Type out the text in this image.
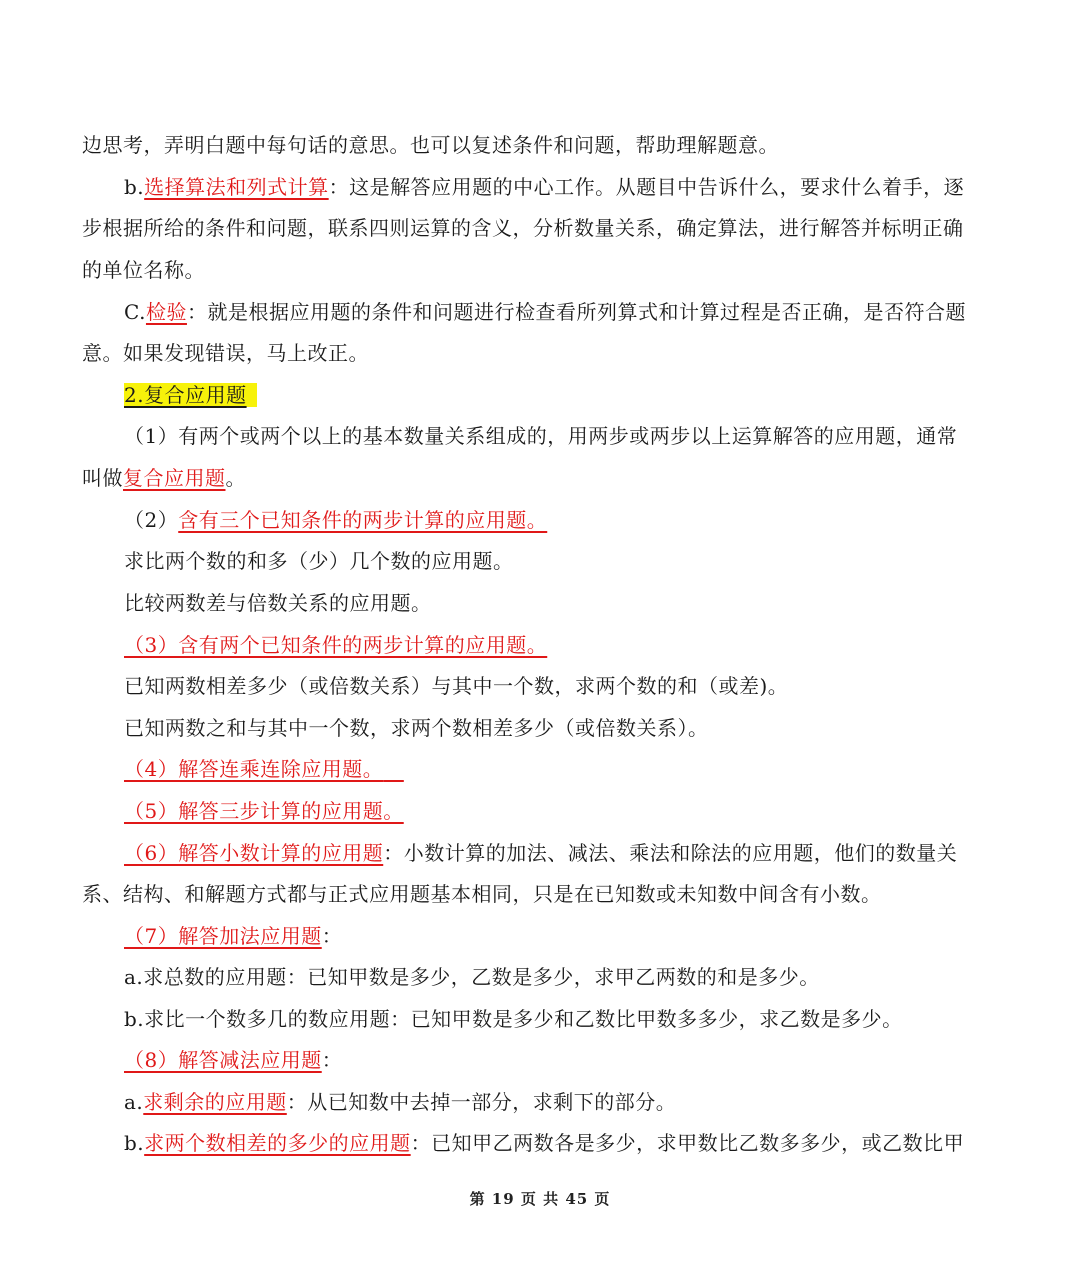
边思考，弄明白题中每句话的意思。也可以复述条件和问题，帮助理解题意。
b.选择算法和列式计算：这是解答应用题的中心工作。从题目中告诉什么，要求什么着手，逐
步根据所给的条件和问题，联系四则运算的含义，分析数量关系，确定算法，进行解答并标明正确
的单位名称。
C.检验：就是根据应用题的条件和问题进行检查看所列算式和计算过程是否正确，是否符合题
意。如果发现错误，马上改正。
2.复合应用题
（1）有两个或两个以上的基本数量关系组成的，用两步或两步以上运算解答的应用题，通常
叫做复合应用题。
（2）含有三个已知条件的两步计算的应用题。
求比两个数的和多（少）几个数的应用题。
比较两数差与倍数关系的应用题。
（3）含有两个已知条件的两步计算的应用题。
已知两数相差多少（或倍数关系）与其中一个数，求两个数的和（或差)。
已知两数之和与其中一个数，求两个数相差多少（或倍数关系）。
（4）解答连乘连除应用题。
（5）解答三步计算的应用题。
（6）解答小数计算的应用题：小数计算的加法、减法、乘法和除法的应用题，他们的数量关
系、结构、和解题方式都与正式应用题基本相同，只是在已知数或未知数中间含有小数。
（7）解答加法应用题：
a.求总数的应用题：已知甲数是多少，乙数是多少，求甲乙两数的和是多少。
b.求比一个数多几的数应用题：已知甲数是多少和乙数比甲数多多少，求乙数是多少。
（8）解答减法应用题：
a.求剩余的应用题：从已知数中去掉一部分，求剩下的部分。
b.求两个数相差的多少的应用题：已知甲乙两数各是多少，求甲数比乙数多多少，或乙数比甲
第 19 页 共 45 页
